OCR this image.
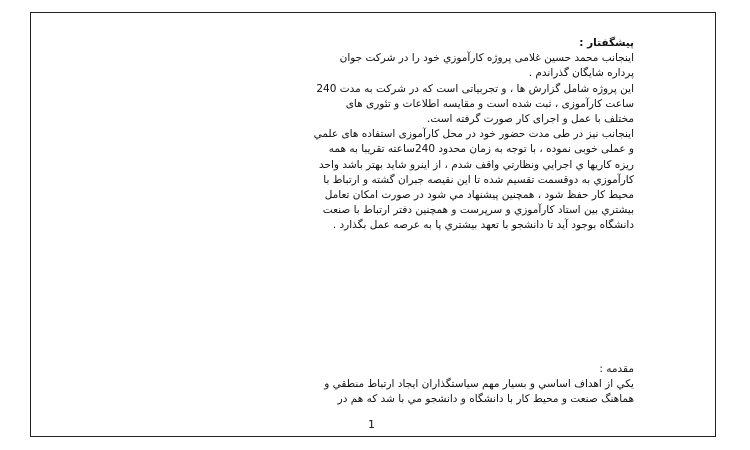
پیشگفتار :
اینجانب محمد حسین غلامی پروژه کارآموزي خود را در شرکت جوان
پرداره شایگان گذراندم .
این پروژه شامل گزارش ها ، و تجربیاتی است که در شرکت به مدت 240
ساعت کارآموزی ، ثبت شده است و مقایسه اطلاعات و تئوری های
مختلف با عمل و اجرای کار صورت گرفته است.
اینجانب نیز در طی مدت حضور خود در محل کارآموزی استفاده های علمي
و عملی خوبی نموده ، با توجه به زمان محدود 240ساعته تقریبا به همه
ریزه کاریها ي اجرايي ونظارتي واقف شدم ، از اینرو شاید بهتر باشد واحد
کارآموزي به دوقسمت تقسیم شده تا این نقیصه جبران گشته و ارتباط با
محیط کار حفظ شود ، همچنین پیشنهاد مي شود در صورت امکان تعامل
بیشتري بین استاد کارآموزي و سرپرست و همچنین دفتر ارتباط با صنعت
دانشگاه بوجود آید تا دانشجو با تعهد بیشتري پا به عرصه عمل بگذارد .
مقدمه :
یکي از اهداف اساسي و بسیار مهم سیاستگذاران ایجاد ارتباط منطقي و
هماهنگ صنعت و محیط کار با دانشگاه و دانشجو مي با شد که هم در
1
